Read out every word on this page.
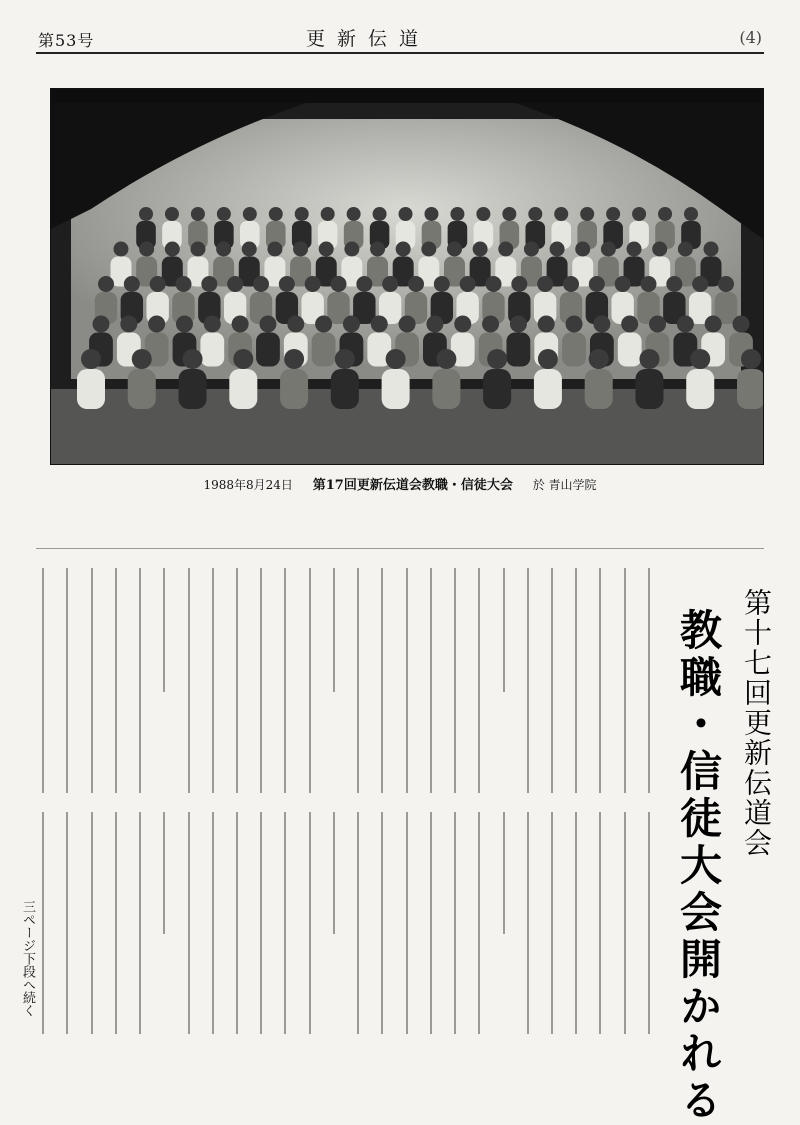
第53号	更新伝道	(4)
1988年8月24日 第17回更新伝道会教職・信徒大会 於 青山学院
第十七回更新伝道会
教職・信徒大会開かれる
三ページ下段へ続く
